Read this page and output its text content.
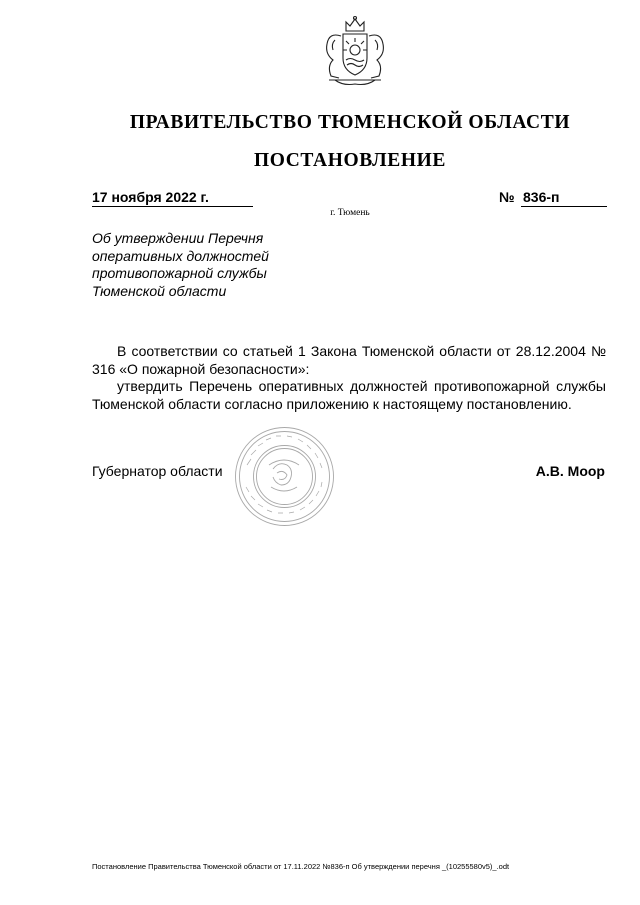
ПРАВИТЕЛЬСТВО ТЮМЕНСКОЙ ОБЛАСТИ
ПОСТАНОВЛЕНИЕ
17 ноября 2022 г.	№ 836-п
г. Тюмень
Об утверждении Перечня
оперативных должностей
противопожарной службы
Тюменской области
В соответствии со статьей 1 Закона Тюменской области от 28.12.2004 № 316 «О пожарной безопасности»:
утвердить Перечень оперативных должностей противопожарной службы Тюменской области согласно приложению к настоящему постановлению.
Губернатор области	А.В. Моор
Постановление Правительства Тюменской области от 17.11.2022 №836-п Об утверждении перечня _(10255580v5)_.odt
